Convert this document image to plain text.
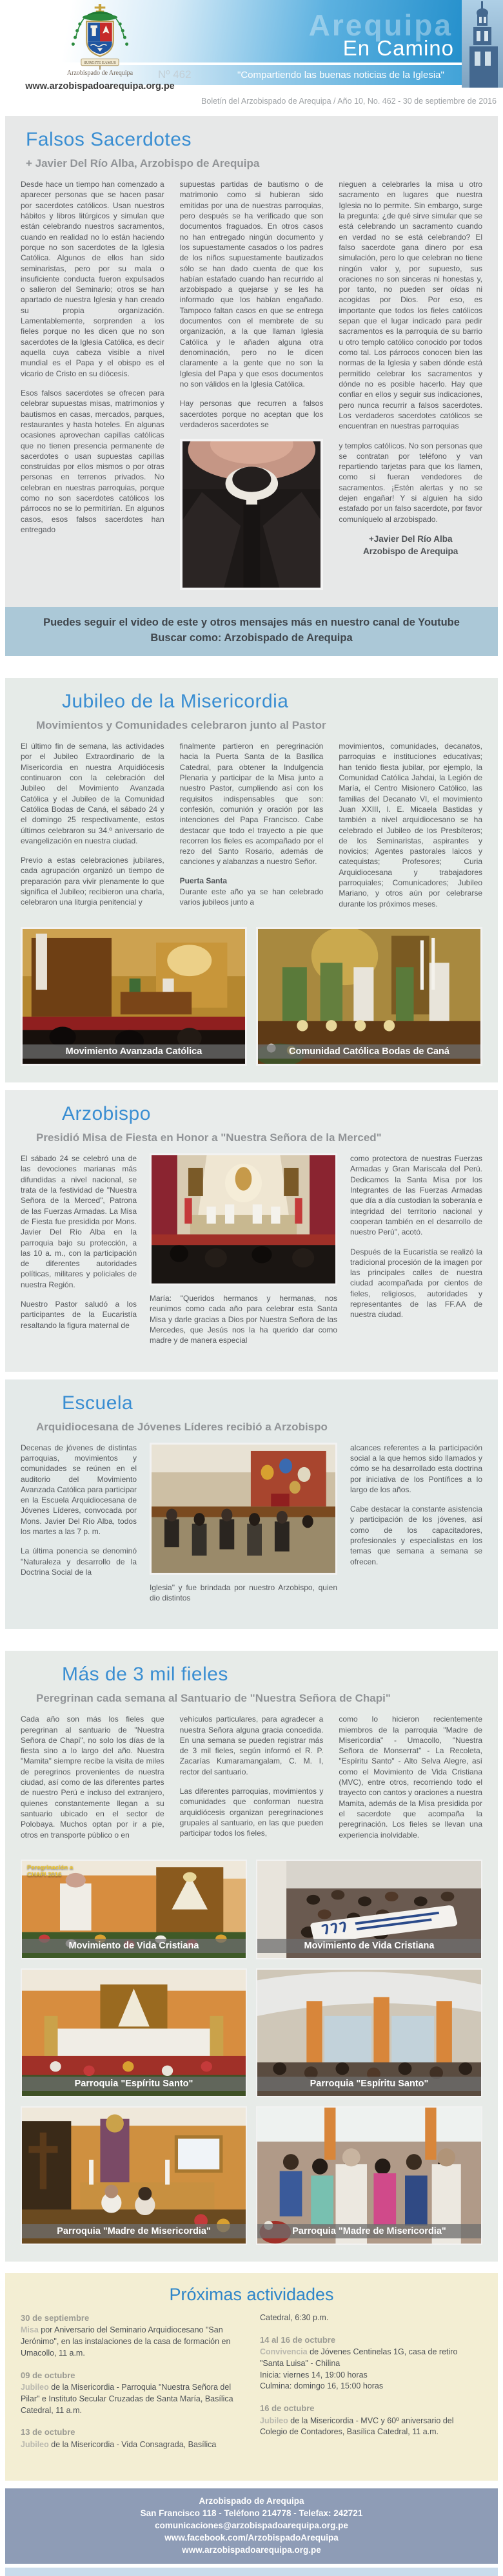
Arequipa
En Camino
Nº 462	"Compartiendo las buenas noticias de la Iglesia"
SURGITE EAMUS
Arzobispado de Arequipa
www.arzobispadoarequipa.org.pe
Boletín del Arzobispado de Arequipa / Año 10, No. 462 - 30 de septiembre de 2016
Falsos Sacerdotes
+ Javier Del Río Alba, Arzobispo de Arequipa

Desde hace un tiempo han comenzado a aparecer personas que se hacen pasar por sacerdotes católicos. Usan nuestros hábitos y libros litúrgicos y simulan que están celebrando nuestros sacramentos, cuando en realidad no lo están haciendo porque no son sacerdotes de la Iglesia Católica. Algunos de ellos han sido seminaristas, pero por su mala o insuficiente conducta fueron expulsados o salieron del Seminario; otros se han apartado de nuestra Iglesia y han creado su propia organización. Lamentablemente, sorprenden a los fieles porque no les dicen que no son sacerdotes de la Iglesia Católica, es decir aquella cuya cabeza visible a nivel mundial es el Papa y el obispo es el vicario de Cristo en su diócesis.

Esos falsos sacerdotes se ofrecen para celebrar supuestas misas, matrimonios y bautismos en casas, mercados, parques, restaurantes y hasta hoteles. En algunas ocasiones aprovechan capillas católicas que no tienen presencia permanente de sacerdotes o usan supuestas capillas construidas por ellos mismos o por otras personas en terrenos privados. No celebran en nuestras parroquias, porque como no son sacerdotes católicos los párrocos no se lo permitirían. En algunos casos, esos falsos sacerdotes han entregado

supuestas partidas de bautismo o de matrimonio como si hubieran sido emitidas por una de nuestras parroquias, pero después se ha verificado que son documentos fraguados. En otros casos no han entregado ningún documento y los supuestamente casados o los padres de los niños supuestamente bautizados sólo se han dado cuenta de que los habían estafado cuando han recurrido al arzobispado a quejarse y se les ha informado que los habían engañado. Tampoco faltan casos en que se entrega documentos con el membrete de su organización, a la que llaman Iglesia Católica y le añaden alguna otra denominación, pero no le dicen claramente a la gente que no son la Iglesia del Papa y que esos documentos no son válidos en la Iglesia Católica.

Hay personas que recurren a falsos sacerdotes porque no aceptan que los verdaderos sacerdotes se

nieguen a celebrarles la misa u otro sacramento en lugares que nuestra Iglesia no lo permite. Sin embargo, surge la pregunta: ¿de qué sirve simular que se está celebrando un sacramento cuando en verdad no se está celebrando? El falso sacerdote gana dinero por esa simulación, pero lo que celebran no tiene ningún valor y, por supuesto, sus oraciones no son sinceras ni honestas y, por tanto, no pueden ser oídas ni acogidas por Dios. Por eso, es importante que todos los fieles católicos sepan que el lugar indicado para pedir sacramentos es la parroquia de su barrio u otro templo católico conocido por todos como tal. Los párrocos conocen bien las normas de la Iglesia y saben dónde está permitido celebrar los sacramentos y dónde no es posible hacerlo. Hay que confiar en ellos y seguir sus indicaciones, pero nunca recurrir a falsos sacerdotes. Los verdaderos sacerdotes católicos se encuentran en nuestras parroquias

y templos católicos. No son personas que se contratan por teléfono y van repartiendo tarjetas para que los llamen, como si fueran vendedores de sacramentos. ¡Estén alertas y no se dejen engañar! Y si alguien ha sido estafado por un falso sacerdote, por favor comuníquelo al arzobispado.

+Javier Del Río Alba
Arzobispo de Arequipa
Puedes seguir el video de este y otros mensajes más en nuestro canal de Youtube
Buscar como: Arzobispado de Arequipa
Jubileo de la Misericordia
Movimientos y Comunidades celebraron junto al Pastor

El último fin de semana, las actividades por el Jubileo Extraordinario de la Misericordia en nuestra Arquidiócesis continuaron con la celebración del Jubileo del Movimiento Avanzada Católica y el Jubileo de la Comunidad Católica Bodas de Caná, el sábado 24 y el domingo 25 respectivamente, estos últimos celebraron su 34.º aniversario de evangelización en nuestra ciudad.

Previo a estas celebraciones jubilares, cada agrupación organizó un tiempo de preparación para vivir plenamente lo que significa el Jubileo; recibieron una charla, celebraron una liturgia penitencial y

finalmente partieron en peregrinación hacia la Puerta Santa de la Basílica Catedral, para obtener la Indulgencia Plenaria y participar de la Misa junto a nuestro Pastor, cumpliendo así con los requisitos indispensables que son: confesión, comunión y oración por las intenciones del Papa Francisco. Cabe destacar que todo el trayecto a pie que recorren los fieles es acompañado por el rezo del Santo Rosario, además de canciones y alabanzas a nuestro Señor.

Puerta Santa

Durante este año ya se han celebrado varios jubileos junto a

movimientos, comunidades, decanatos, parroquias e instituciones educativas; han tenido fiesta jubilar, por ejemplo, la Comunidad Católica Jahdai, la Legión de María, el Centro Misionero Católico, las familias del Decanato VI, el movimiento Juan XXIII, I. E. Micaela Bastidas y también a nivel arquidiocesano se ha celebrado el Jubileo de los Presbíteros; de los Seminaristas, aspirantes y novicios; Agentes pastorales laicos y catequistas; Profesores; Curia Arquidiocesana y trabajadores parroquiales; Comunicadores; Jubileo Mariano, y otros aún por celebrarse durante los próximos meses.

Movimiento Avanzada Católica	Comunidad Católica Bodas de Caná
Arzobispo
Presidió Misa de Fiesta en Honor a "Nuestra Señora de la Merced"

El sábado 24 se celebró una de las devociones marianas más difundidas a nivel nacional, se trata de la festividad de "Nuestra Señora de la Merced", Patrona de las Fuerzas Armadas. La Misa de Fiesta fue presidida por Mons. Javier Del Río Alba en la parroquia bajo su protección, a las 10 a. m., con la participación de diferentes autoridades políticas, militares y policiales de nuestra Región.

Nuestro Pastor saludó a los participantes de la Eucaristía resaltando la figura maternal de

María: "Queridos hermanos y hermanas, nos reunimos como cada año para celebrar esta Santa Misa y darle gracias a Dios por Nuestra Señora de las Mercedes, que Jesús nos la ha querido dar como madre y de manera especial

como protectora de nuestras Fuerzas Armadas y Gran Mariscala del Perú. Dedicamos la Santa Misa por los Integrantes de las Fuerzas Armadas que día a día custodian la soberanía e integridad del territorio nacional y cooperan también en el desarrollo de nuestro Perú", acotó.

Después de la Eucaristía se realizó la tradicional procesión de la imagen por las principales calles de nuestra ciudad acompañada por cientos de fieles, religiosos, autoridades y representantes de las FF.AA de nuestra ciudad.

Escuela
Arquidiocesana de Jóvenes Líderes recibió a Arzobispo

Decenas de jóvenes de distintas parroquias, movimientos y comunidades se reúnen en el auditorio del Movimiento Avanzada Católica para participar en la Escuela Arquidiocesana de Jóvenes Líderes, convocada por Mons. Javier Del Río Alba, todos los martes a las 7 p. m.

La última ponencia se denominó "Naturaleza y desarrollo de la Doctrina Social de la

Iglesia" y fue brindada por nuestro Arzobispo, quien dio distintos

alcances referentes a la participación social a la que hemos sido llamados y cómo se ha desarrollado esta doctrina por iniciativa de los Pontífices a lo largo de los años.

Cabe destacar la constante asistencia y participación de los jóvenes, así como de los capacitadores, profesionales y especialistas en los temas que semana a semana se ofrecen.

Más de 3 mil fieles
Peregrinan cada semana al Santuario de "Nuestra Señora de Chapi"

Cada año son más los fieles que peregrinan al santuario de "Nuestra Señora de Chapi", no solo los días de la fiesta sino a lo largo del año. Nuestra "Mamita" siempre recibe la visita de miles de peregrinos provenientes de nuestra ciudad, así como de las diferentes partes de nuestro Perú e incluso del extranjero, quienes constantemente llegan a su santuario ubicado en el sector de Polobaya. Muchos optan por ir a pie, otros en transporte público o en

vehículos particulares, para agradecer a nuestra Señora alguna gracia concedida. En una semana se pueden registrar más de 3 mil fieles, según informó el R. P. Zacarías Kumaramangalam, C. M. I, rector del santuario.

Las diferentes parroquias, movimientos y comunidades que conforman nuestra arquidiócesis organizan peregrinaciones grupales al santuario, en las que pueden participar todos los fieles,

como lo hicieron recientemente miembros de la parroquia "Madre de Misericordia" - Umacollo, "Nuestra Señora de Monserrat" - La Recoleta, "Espíritu Santo" - Alto Selva Alegre, así como el Movimiento de Vida Cristiana (MVC), entre otros, recorriendo todo el trayecto con cantos y oraciones a nuestra Mamita, además de la Misa presidida por el sacerdote que acompaña la peregrinación. Los fieles se llevan una experiencia inolvidable.

Peregrinación a CHAPI 2016
Movimiento de Vida Cristiana	Movimiento de Vida Cristiana
Parroquia "Espíritu Santo"	Parroquia "Espíritu Santo"
Parroquia "Madre de Misericordia"	Parroquia "Madre de Misericordia"
Próximas actividades
30 de septiembre
Misa por Aniversario del Seminario Arquidiocesano "San Jerónimo", en las instalaciones de la casa de formación en Umacollo, 11 a.m.
09 de octubre
Jubileo de la Misericordia - Parroquia "Nuestra Señora del Pilar" e Instituto Secular Cruzadas de Santa María, Basílica Catedral, 11 a.m.
13 de octubre
Jubileo de la Misericordia - Vida Consagrada, Basílica
Catedral, 6:30 p.m.
14 al 16 de octubre
Convivencia de Jóvenes Centinelas 1G, casa de retiro "Santa Luisa" - Chilina
Inicia: viernes 14, 19:00 horas
Culmina: domingo 16, 15:00 horas
16 de octubre
Jubileo de la Misericordia - MVC y 60º aniversario del Colegio de Contadores, Basílica Catedral, 11 a.m.
Arzobispado de Arequipa
San Francisco 118 - Teléfono 214778 - Telefax: 242721
comunicaciones@arzobispadoarequipa.org.pe
www.facebook.com/ArzobispadoArequipa
www.arzobispadoarequipa.org.pe
